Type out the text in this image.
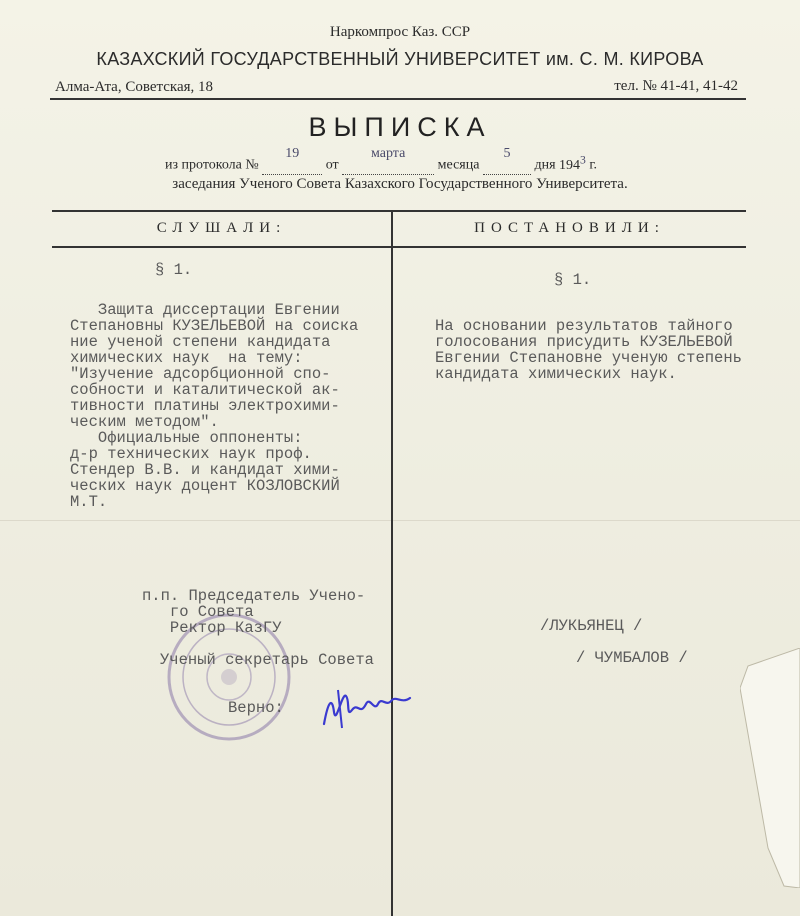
Наркомпрос Каз. ССР
КАЗАХСКИЙ ГОСУДАРСТВЕННЫЙ УНИВЕРСИТЕТ им. С. М. КИРОВА
Алма-Ата, Советская, 18	тел. № 41-41, 41-42
ВЫПИСКА
из протокола №
19
от
марта
месяца
5
дня $194^3$ г.
заседания Ученого Совета Казахского Государственного Университета.
СЛУШАЛИ:	ПОСТАНОВИЛИ:
§ 1.
Защита диссертации Евгении
Степановны КУЗЕЛЬЕВОЙ на соиска
ние ученой степени кандидата
химических наук  на тему:
"Изучение адсорбционной спо-
собности и каталитической ак-
тивности платины электрохими-
ческим методом".
Официальные оппоненты:
д-р технических наук проф.
Стендер В.В. и кандидат хими-
ческих наук доцент КОЗЛОВСКИЙ
М.Т.
§ 1.
На основании результатов тайного
голосования присудить КУЗЕЛЬЕВОЙ
Евгении Степановне ученую степень
кандидата химических наук.
п.п. Председатель Учено-
го Совета
Ректор КазГУ
Ученый секретарь Совета
Верно:
/ЛУКЬЯНЕЦ /
/ ЧУМБАЛОВ /
